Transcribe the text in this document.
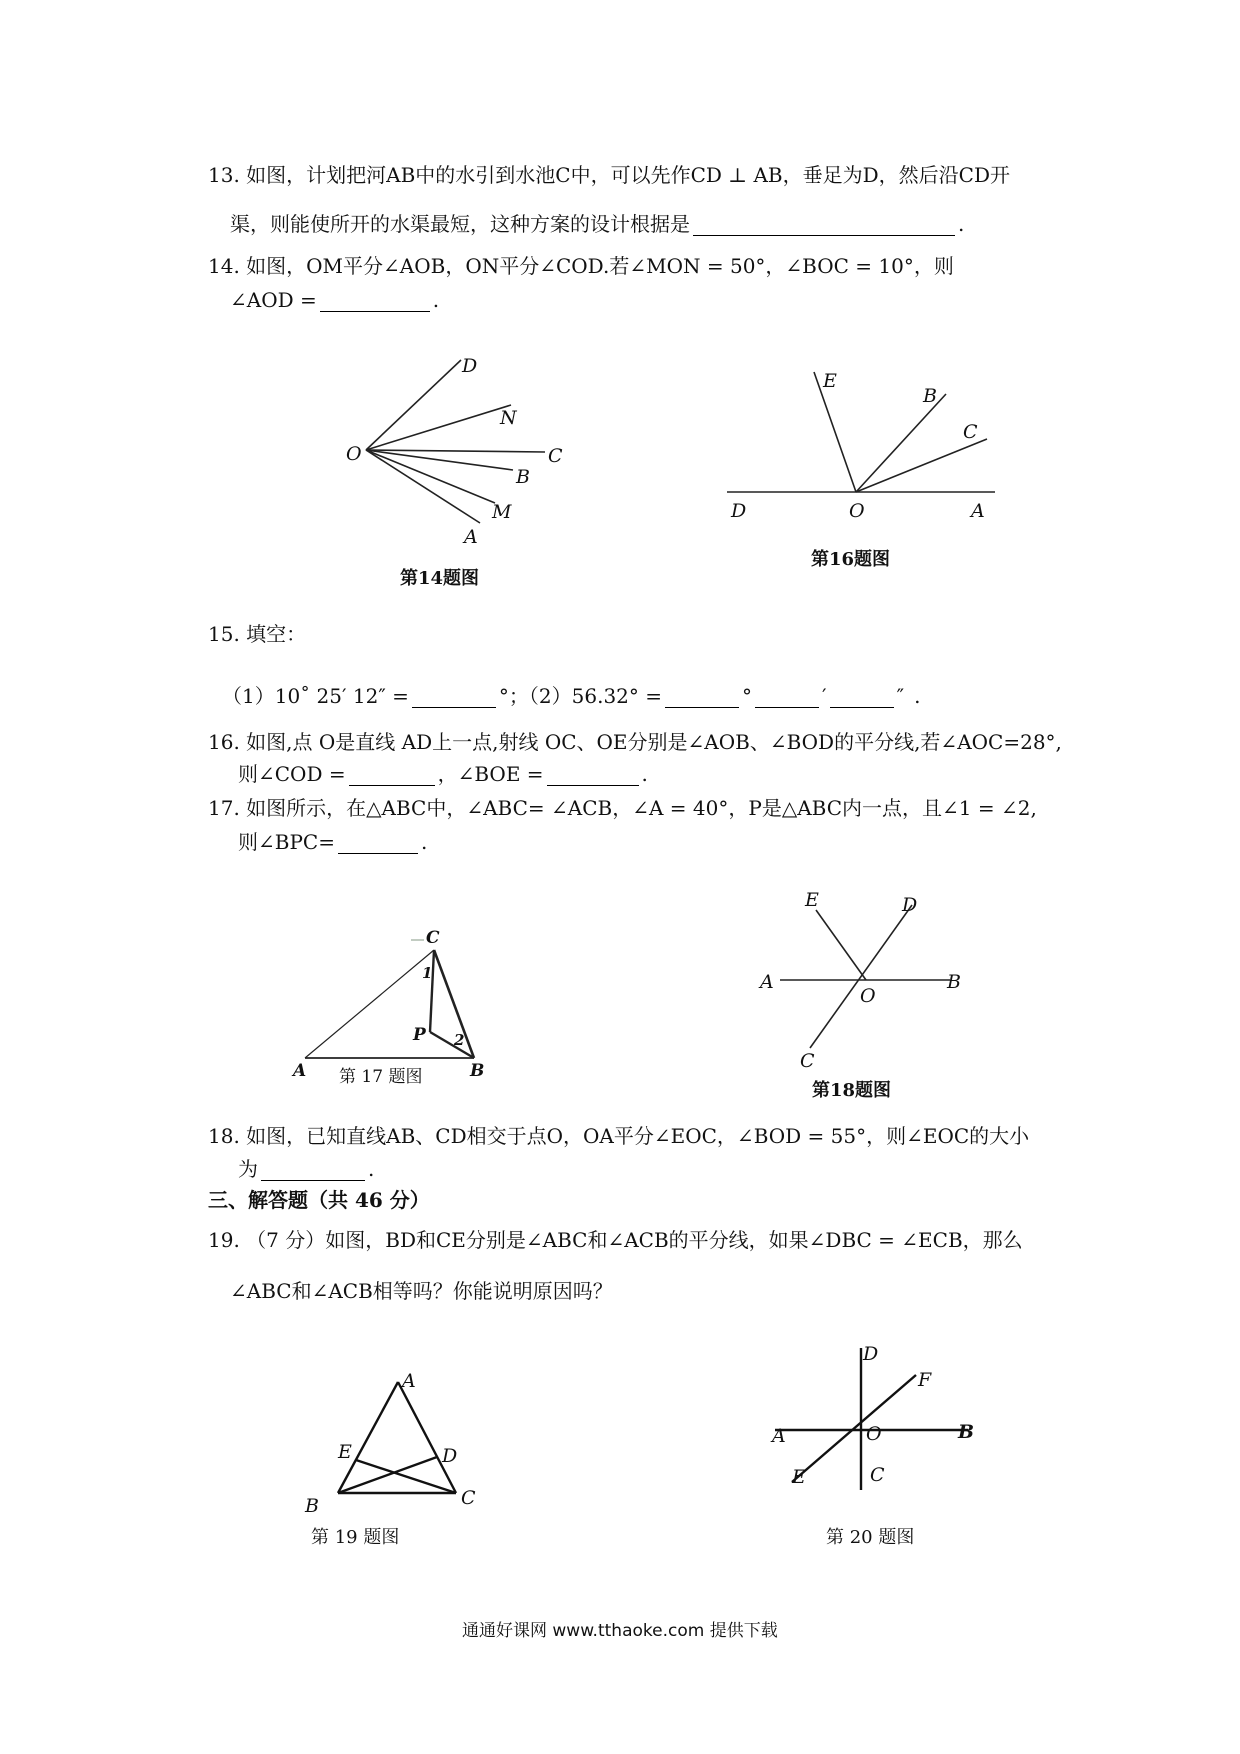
13. 如图，计划把河AB中的水引到水池C中，可以先作CD ⊥ AB，垂足为D，然后沿CD开
渠，则能使所开的水渠最短，这种方案的设计根据是	.
14. 如图，OM平分∠AOB，ON平分∠COD.若∠MON = 50°，∠BOC = 10°，则
∠AOD =	.
D
N
O	C
B
M
A
E
B
C
D	O	A
C
1
P 2
A	B
E	D
A
O
B
C
A
E	D
B	C
D
F
A	O	B
E	C
第14题图
第16题图
15. 填空：
（1）10˚ 25′ 12″ =	°；（2）56.32° =	°	′	″ .
16. 如图,点 O是直线 AD上一点,射线 OC、OE分别是∠AOB、∠BOD的平分线,若∠AOC=28°,
则∠COD =	，∠BOE =	.
17. 如图所示，在△ABC中，∠ABC= ∠ACB，∠A = 40°，P是△ABC内一点，且∠1 = ∠2,
则∠BPC=	.
第 17 题图
第18题图
18. 如图，已知直线AB、CD相交于点O，OA平分∠EOC，∠BOD = 55°，则∠EOC的大小
为	.
三、解答题（共 46 分）
19. （7 分）如图，BD和CE分别是∠ABC和∠ACB的平分线，如果∠DBC = ∠ECB，那么
∠ABC和∠ACB相等吗？你能说明原因吗？
第 19 题图	第 20 题图
通通好课网 www.tthaoke.com 提供下载
